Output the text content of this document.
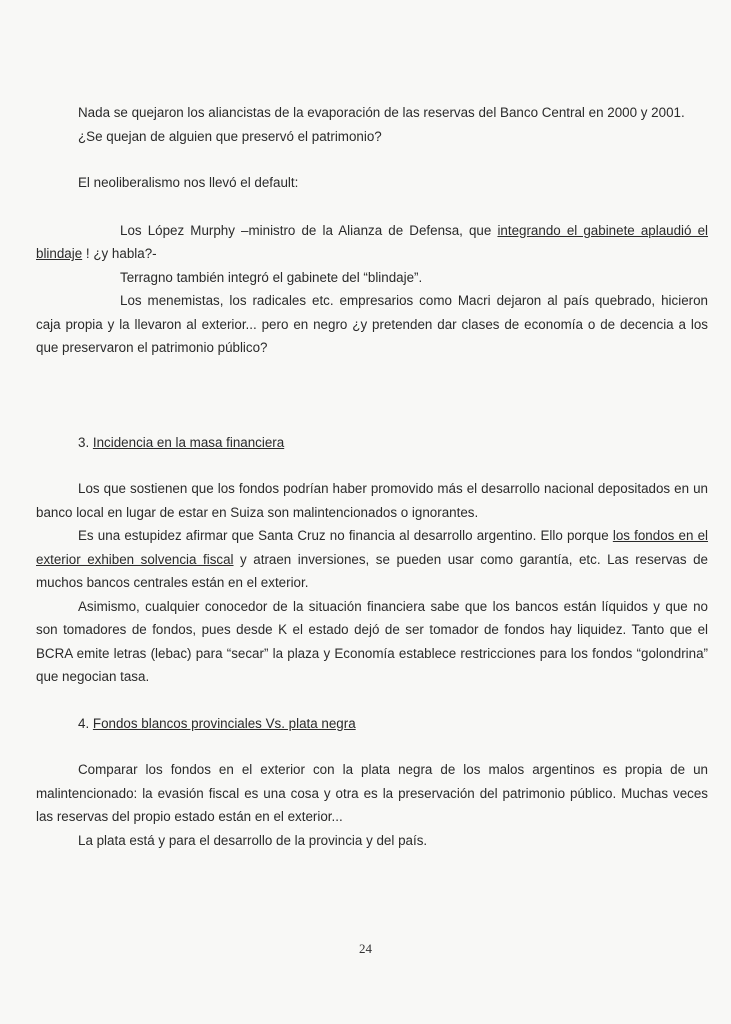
Nada se quejaron los aliancistas de la evaporación de las reservas del Banco Central en 2000 y 2001.

¿Se quejan de alguien que preservó el patrimonio?

El neoliberalismo nos llevó el default:

Los López Murphy –ministro de la Alianza de Defensa, que integrando el gabinete aplaudió el blindaje ! ¿y habla?-

Terragno también integró el gabinete del “blindaje”.

Los menemistas, los radicales etc. empresarios como Macri dejaron al país quebrado, hicieron caja propia y la llevaron al exterior... pero en negro ¿y pretenden dar clases de economía o de decencia a los que preservaron el patrimonio público?

3. Incidencia en la masa financiera

Los que sostienen que los fondos podrían haber promovido más el desarrollo nacional depositados en un banco local en lugar de estar en Suiza son malintencionados o ignorantes.

Es una estupidez afirmar que Santa Cruz no financia al desarrollo argentino. Ello porque los fondos en el exterior exhiben solvencia fiscal y atraen inversiones, se pueden usar como garantía, etc. Las reservas de muchos bancos centrales están en el exterior.

Asimismo, cualquier conocedor de la situación financiera sabe que los bancos están líquidos y que no son tomadores de fondos, pues desde K el estado dejó de ser tomador de fondos hay liquidez. Tanto que el BCRA emite letras (lebac) para “secar” la plaza y Economía establece restricciones para los fondos “golondrina” que negocian tasa.

4. Fondos blancos provinciales Vs. plata negra

Comparar los fondos en el exterior con la plata negra de los malos argentinos es propia de un malintencionado: la evasión fiscal es una cosa y otra es la preservación del patrimonio público. Muchas veces las reservas del propio estado están en el exterior...

La plata está y para el desarrollo de la provincia y del país.

24
